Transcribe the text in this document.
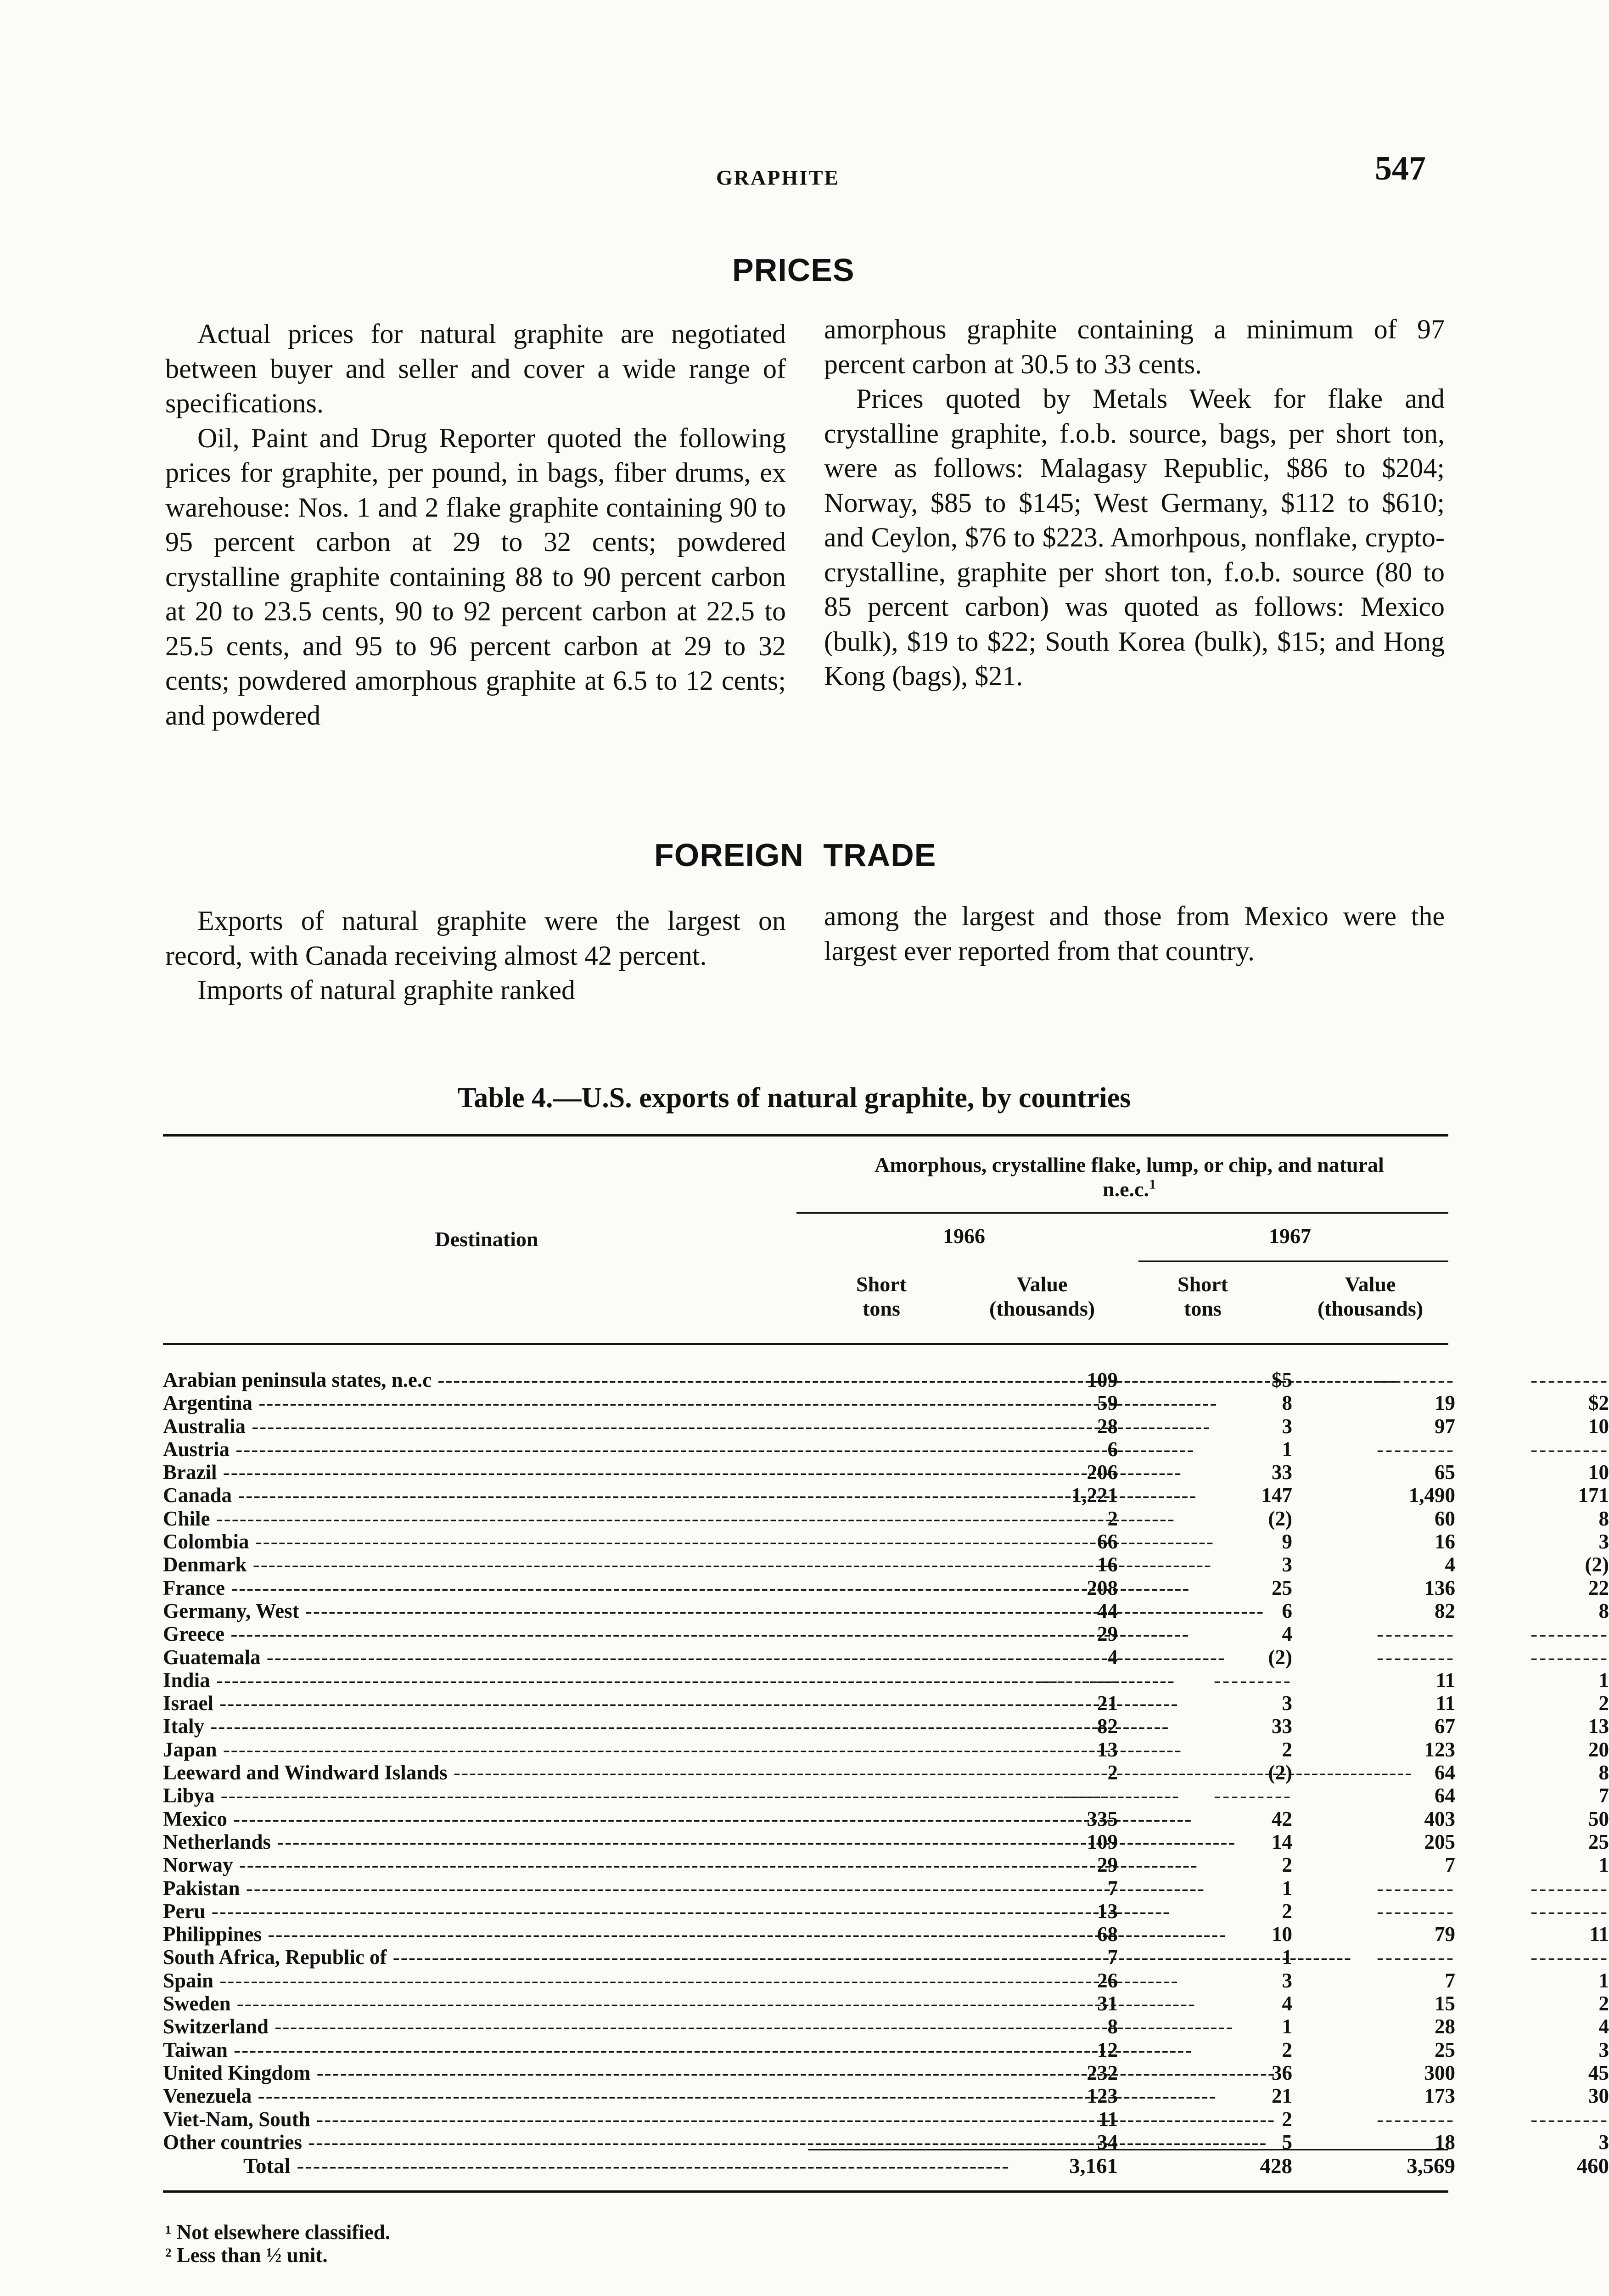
GRAPHITE	547
PRICES

Actual prices for natural graphite are negotiated between buyer and seller and cover a wide range of specifications.

Oil, Paint and Drug Reporter quoted the following prices for graphite, per pound, in bags, fiber drums, ex warehouse: Nos. 1 and 2 flake graphite containing 90 to 95 percent carbon at 29 to 32 cents; powdered crystalline graphite containing 88 to 90 percent carbon at 20 to 23.5 cents, 90 to 92 percent carbon at 22.5 to 25.5 cents, and 95 to 96 percent carbon at 29 to 32 cents; powdered amorphous graphite at 6.5 to 12 cents; and powdered

amorphous graphite containing a minimum of 97 percent carbon at 30.5 to 33 cents.

Prices quoted by Metals Week for flake and crystalline graphite, f.o.b. source, bags, per short ton, were as follows: Malagasy Republic, $86 to $204; Norway, $85 to $145; West Germany, $112 to $610; and Ceylon, $76 to $223. Amorhpous, nonflake, crypto-crystalline, graphite per short ton, f.o.b. source (80 to 85 percent carbon) was quoted as follows: Mexico (bulk), $19 to $22; South Korea (bulk), $15; and Hong Kong (bags), $21.

FOREIGN TRADE

Exports of natural graphite were the largest on record, with Canada receiving almost 42 percent.

Imports of natural graphite ranked

among the largest and those from Mexico were the largest ever reported from that country.

Table 4.—U.S. exports of natural graphite, by countries
Destination
Amorphous, crystalline flake, lump, or chip, and natural n.e.c.$^1$
1966	1967
Short tons
Value (thousands)
Short tons
Value (thousands)
Arabian peninsula states, n.e.c -----	109	$5	---------	---------
Argentina -----	59	8	19	$2
Australia -----	28	3	97	10
Austria -----	6	1	---------	---------
Brazil -----	206	33	65	10
Canada -----	1,221	147	1,490	171
Chile -----	2	(2)	60	8
Colombia -----	66	9	16	3
Denmark -----	16	3	4	(2)
France -----	208	25	136	22
Germany, West -----	44	6	82	8
Greece -----	29	4	---------	---------
Guatemala -----	4	(2)	---------	---------
India -----	---------	---------	11	1
Israel -----	21	3	11	2
Italy -----	82	33	67	13
Japan -----	13	2	123	20
Leeward and Windward Islands -----	2	(2)	64	8
Libya -----	---------	---------	64	7
Mexico -----	335	42	403	50
Netherlands -----	109	14	205	25
Norway -----	29	2	7	1
Pakistan -----	7	1	---------	---------
Peru -----	13	2	---------	---------
Philippines -----	68	10	79	11
South Africa, Republic of -----	7	1	---------	---------
Spain -----	26	3	7	1
Sweden -----	31	4	15	2
Switzerland -----	8	1	28	4
Taiwan -----	12	2	25	3
United Kingdom -----	232	36	300	45
Venezuela -----	123	21	173	30
Viet-Nam, South -----	11	2	---------	---------
Other countries -----	34	5	18	3
Total -----	3,161	428	3,569	460
¹ Not elsewhere classified.
² Less than ½ unit.
